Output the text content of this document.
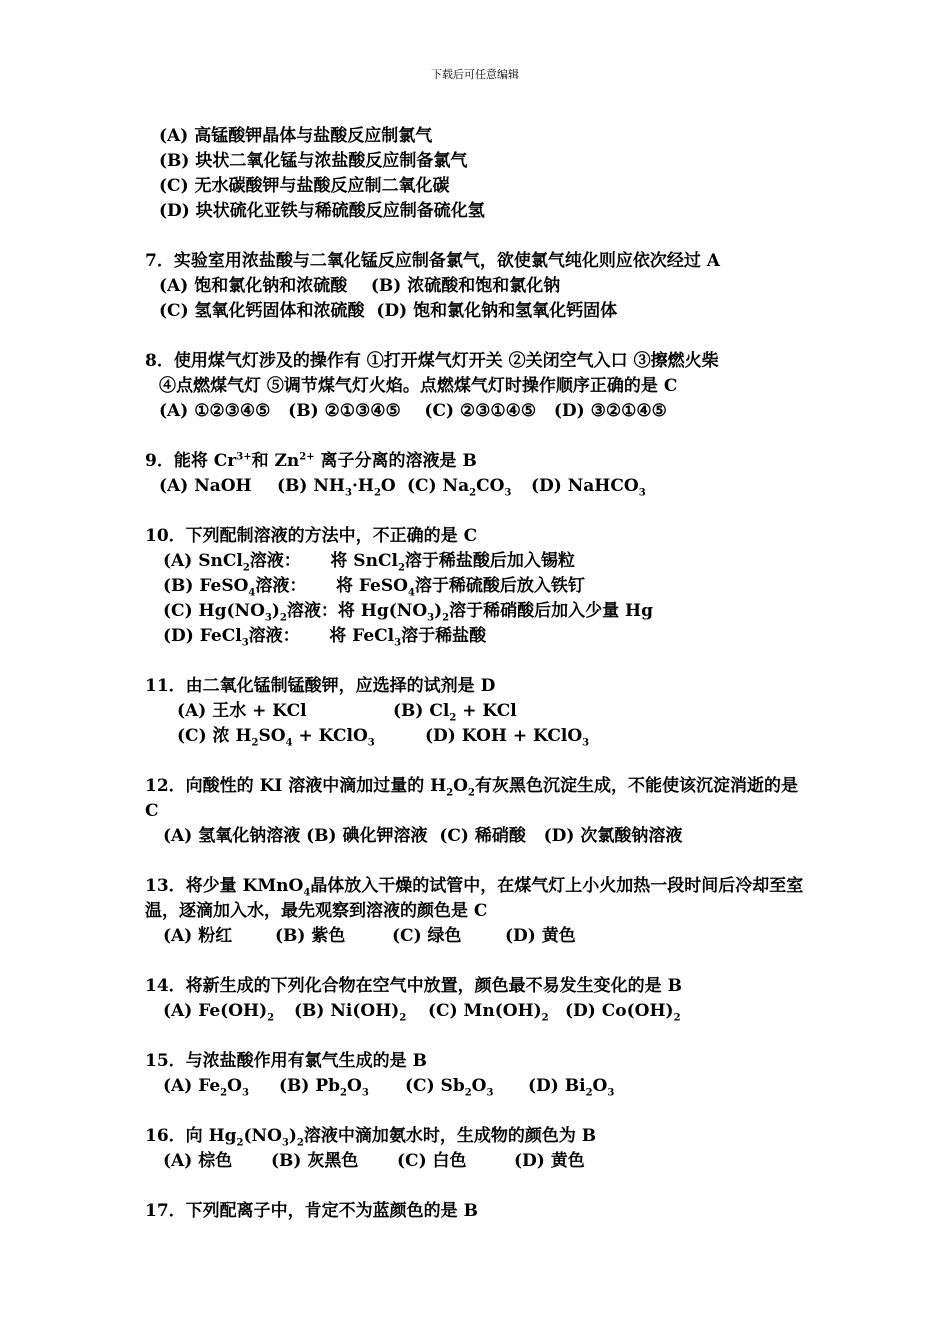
下载后可任意编辑
(A) 高锰酸钾晶体与盐酸反应制氯气
(B) 块状二氧化锰与浓盐酸反应制备氯气
(C) 无水碳酸钾与盐酸反应制二氧化碳
(D) 块状硫化亚铁与稀硫酸反应制备硫化氢
7．实验室用浓盐酸与二氧化锰反应制备氯气，欲使氯气纯化则应依次经过 A
(A) 饱和氯化钠和浓硫酸    (B) 浓硫酸和饱和氯化钠
(C) 氢氧化钙固体和浓硫酸  (D) 饱和氯化钠和氢氧化钙固体
8．使用煤气灯涉及的操作有 ①打开煤气灯开关 ②关闭空气入口 ③擦燃火柴
④点燃煤气灯 ⑤调节煤气灯火焰。点燃煤气灯时操作顺序正确的是 C
(A) ①②③④⑤   (B) ②①③④⑤    (C) ②③①④⑤   (D) ③②①④⑤
9．能将 $Cr^{3+}$和 $Zn^{2+}$ 离子分离的溶液是 B
(A) NaOH (B) $NH_3\cdot H_2O$ (C) $Na_2CO_3$ (D) NaHCO$_3$
10．下列配制溶液的方法中，不正确的是 C
(A) SnCl$_2$溶液：     将 SnCl$_2$溶于稀盐酸后加入锡粒
(B) FeSO$_4$溶液：     将 FeSO$_4$溶于稀硫酸后放入铁钉
(C) $Hg(NO_3)_2$溶液：将 $Hg(NO_3)_2$溶于稀硝酸后加入少量 Hg
(D) FeCl$_3$溶液：     将 FeCl$_3$溶于稀盐酸
11．由二氧化锰制锰酸钾，应选择的试剂是 D
(A) 王水 + KCl	(B) $Cl_2$ + KCl
(C) 浓 $H_2SO_4$ + KClO$_3$	(D) KOH + KClO$_3$
12．向酸性的 KI 溶液中滴加过量的 $H_2O_2$有灰黑色沉淀生成，不能使该沉淀消逝的是 C
(A) 氢氧化钠溶液 (B) 碘化钾溶液  (C) 稀硝酸   (D) 次氯酸钠溶液
13．将少量 KMnO$_4$晶体放入干燥的试管中，在煤气灯上小火加热一段时间后冷却至室温，逐滴加入水，最先观察到溶液的颜色是 C
(A) 粉红	(B) 紫色	(C) 绿色	(D) 黄色
14．将新生成的下列化合物在空气中放置，颜色最不易发生变化的是 B
(A) $Fe(OH)_2$ (B) $Ni(OH)_2$ (C) $Mn(OH)_2$ (D) $Co(OH)_2$
15．与浓盐酸作用有氯气生成的是 B
(A) $Fe_2O_3$ (B) $Pb_2O_3$ (C) $Sb_2O_3$ (D) $Bi_2O_3$
16．向 $Hg_2(NO_3)_2$溶液中滴加氨水时，生成物的颜色为 B
(A) 棕色 (B) 灰黑色 (C) 白色	(D) 黄色
17．下列配离子中，肯定不为蓝颜色的是 B
